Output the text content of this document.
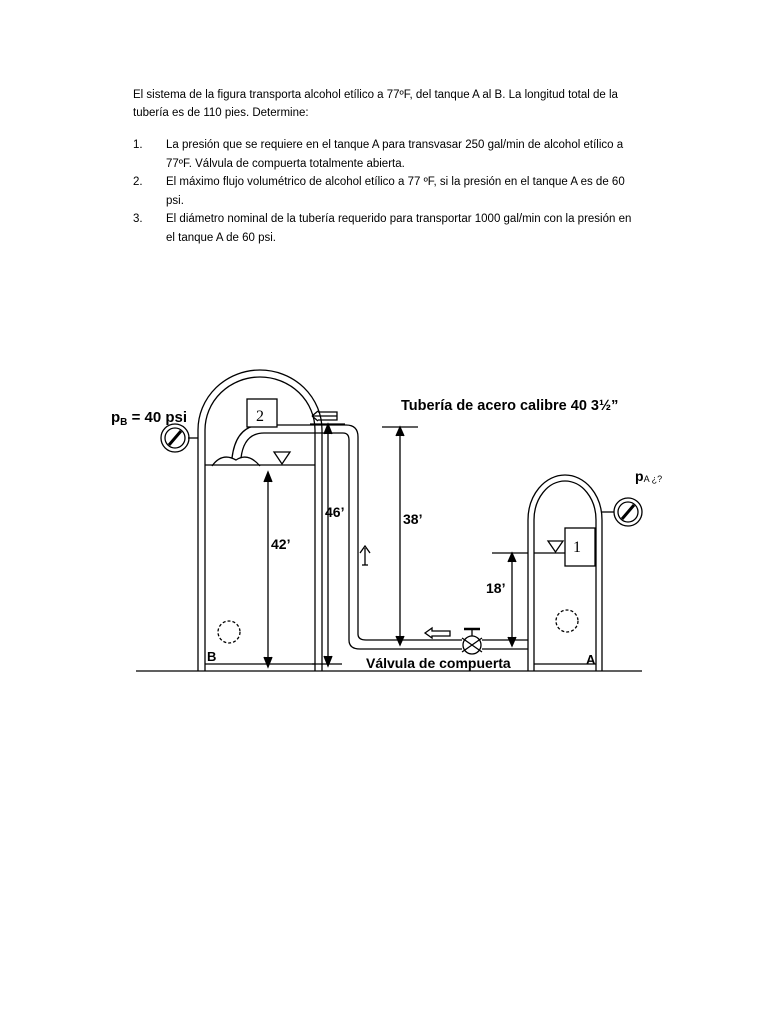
El sistema de la figura transporta alcohol etílico a 77ºF, del tanque A al B. La longitud total de la tubería es de 110 pies. Determine:

1. La presión que se requiere en el tanque A para transvasar 250 gal/min de alcohol etílico a 77ºF. Válvula de compuerta totalmente abierta.
2. El máximo flujo volumétrico de alcohol etílico a 77 ºF, si la presión en el tanque A es de 60 psi.
3. El diámetro nominal de la tubería requerido para transportar 1000 gal/min con la presión en el tanque A de 60 psi.
Tubería de acero calibre 40 3½”
$p_B = 40$ psi
pA ¿?
2
1
46’
42’
38’
18’
B	A
Válvula de compuerta
